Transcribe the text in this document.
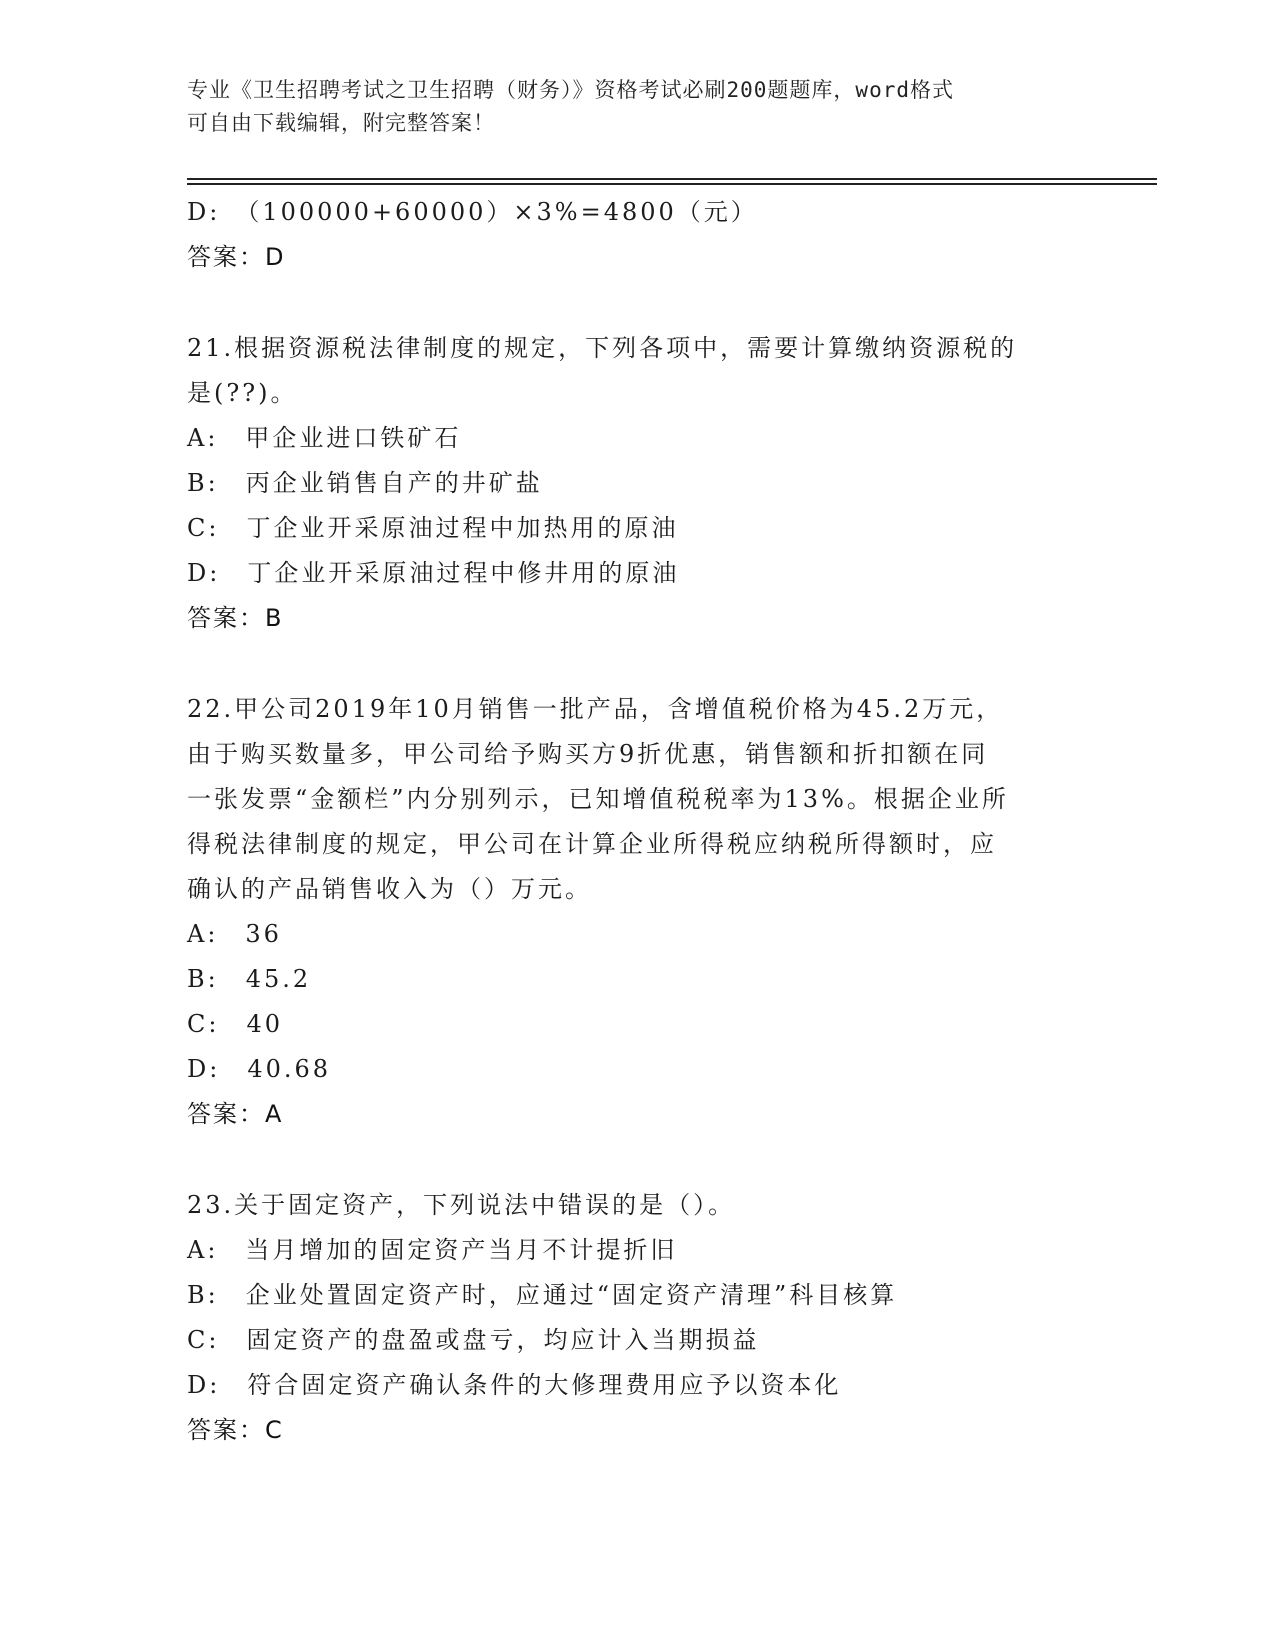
专业《卫生招聘考试之卫生招聘（财务）》资格考试必刷200题题库，word格式
可自由下载编辑，附完整答案！
D:　（100000+60000）×3%=4800（元）
答案：D
21.根据资源税法律制度的规定，下列各项中，需要计算缴纳资源税的
是(??)。
A:　甲企业进口铁矿石
B:　丙企业销售自产的井矿盐
C:　丁企业开采原油过程中加热用的原油
D:　丁企业开采原油过程中修井用的原油
答案：B
22.甲公司2019年10月销售一批产品，含增值税价格为45.2万元，
由于购买数量多，甲公司给予购买方9折优惠，销售额和折扣额在同
一张发票“金额栏”内分别列示，已知增值税税率为13%。根据企业所
得税法律制度的规定，甲公司在计算企业所得税应纳税所得额时，应
确认的产品销售收入为（）万元。
A:　36
B:　45.2
C:　40
D:　40.68
答案：A
23.关于固定资产，下列说法中错误的是（）。
A:　当月增加的固定资产当月不计提折旧
B:　企业处置固定资产时，应通过“固定资产清理”科目核算
C:　固定资产的盘盈或盘亏，均应计入当期损益
D:　符合固定资产确认条件的大修理费用应予以资本化
答案：C
